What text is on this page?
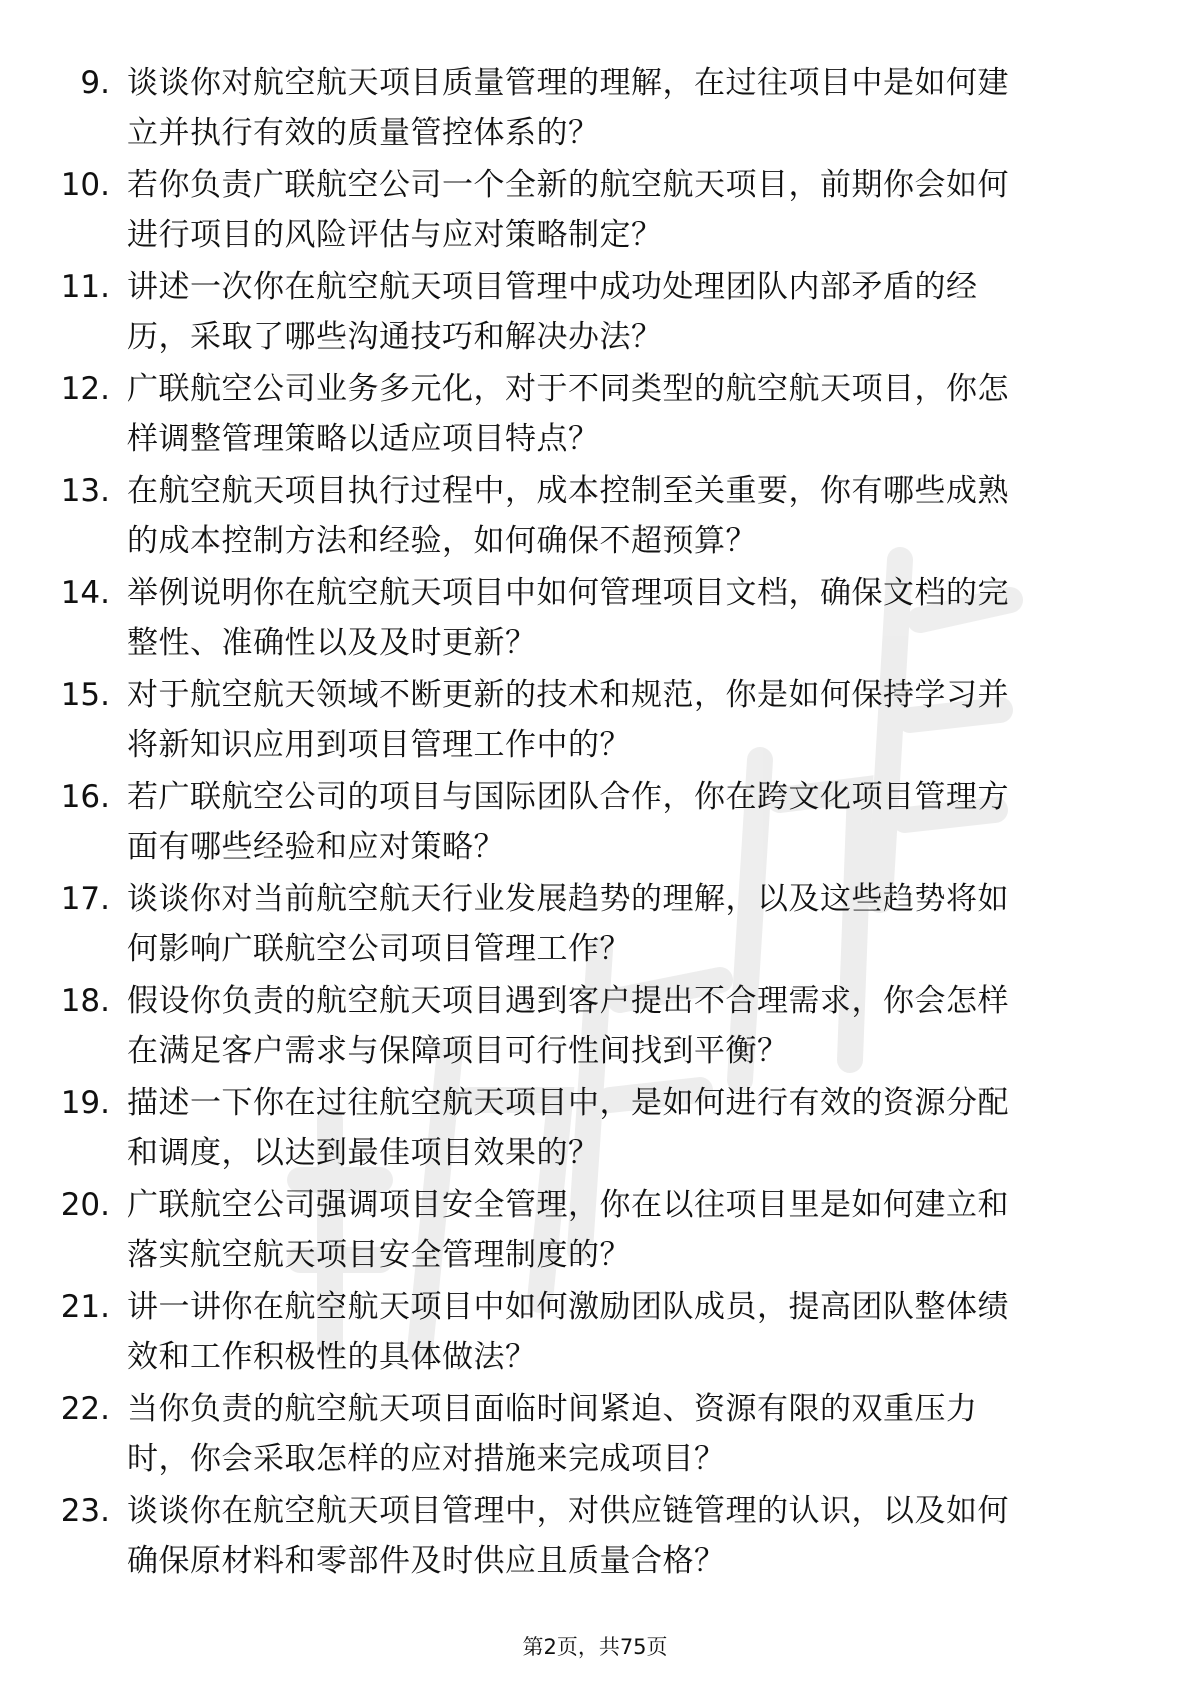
9. 谈谈你对航空航天项目质量管理的理解，在过往项目中是如何建
立并执行有效的质量管控体系的？
10. 若你负责广联航空公司一个全新的航空航天项目，前期你会如何
进行项目的风险评估与应对策略制定？
11. 讲述一次你在航空航天项目管理中成功处理团队内部矛盾的经
历，采取了哪些沟通技巧和解决办法？
12. 广联航空公司业务多元化，对于不同类型的航空航天项目，你怎
样调整管理策略以适应项目特点？
13. 在航空航天项目执行过程中，成本控制至关重要，你有哪些成熟
的成本控制方法和经验，如何确保不超预算？
14. 举例说明你在航空航天项目中如何管理项目文档，确保文档的完
整性、准确性以及及时更新？
15. 对于航空航天领域不断更新的技术和规范，你是如何保持学习并
将新知识应用到项目管理工作中的？
16. 若广联航空公司的项目与国际团队合作，你在跨文化项目管理方
面有哪些经验和应对策略？
17. 谈谈你对当前航空航天行业发展趋势的理解，以及这些趋势将如
何影响广联航空公司项目管理工作？
18. 假设你负责的航空航天项目遇到客户提出不合理需求，你会怎样
在满足客户需求与保障项目可行性间找到平衡？
19. 描述一下你在过往航空航天项目中，是如何进行有效的资源分配
和调度，以达到最佳项目效果的？
20. 广联航空公司强调项目安全管理，你在以往项目里是如何建立和
落实航空航天项目安全管理制度的？
21. 讲一讲你在航空航天项目中如何激励团队成员，提高团队整体绩
效和工作积极性的具体做法？
22. 当你负责的航空航天项目面临时间紧迫、资源有限的双重压力
时，你会采取怎样的应对措施来完成项目？
23. 谈谈你在航空航天项目管理中，对供应链管理的认识，以及如何
确保原材料和零部件及时供应且质量合格？
第2页，共75页
